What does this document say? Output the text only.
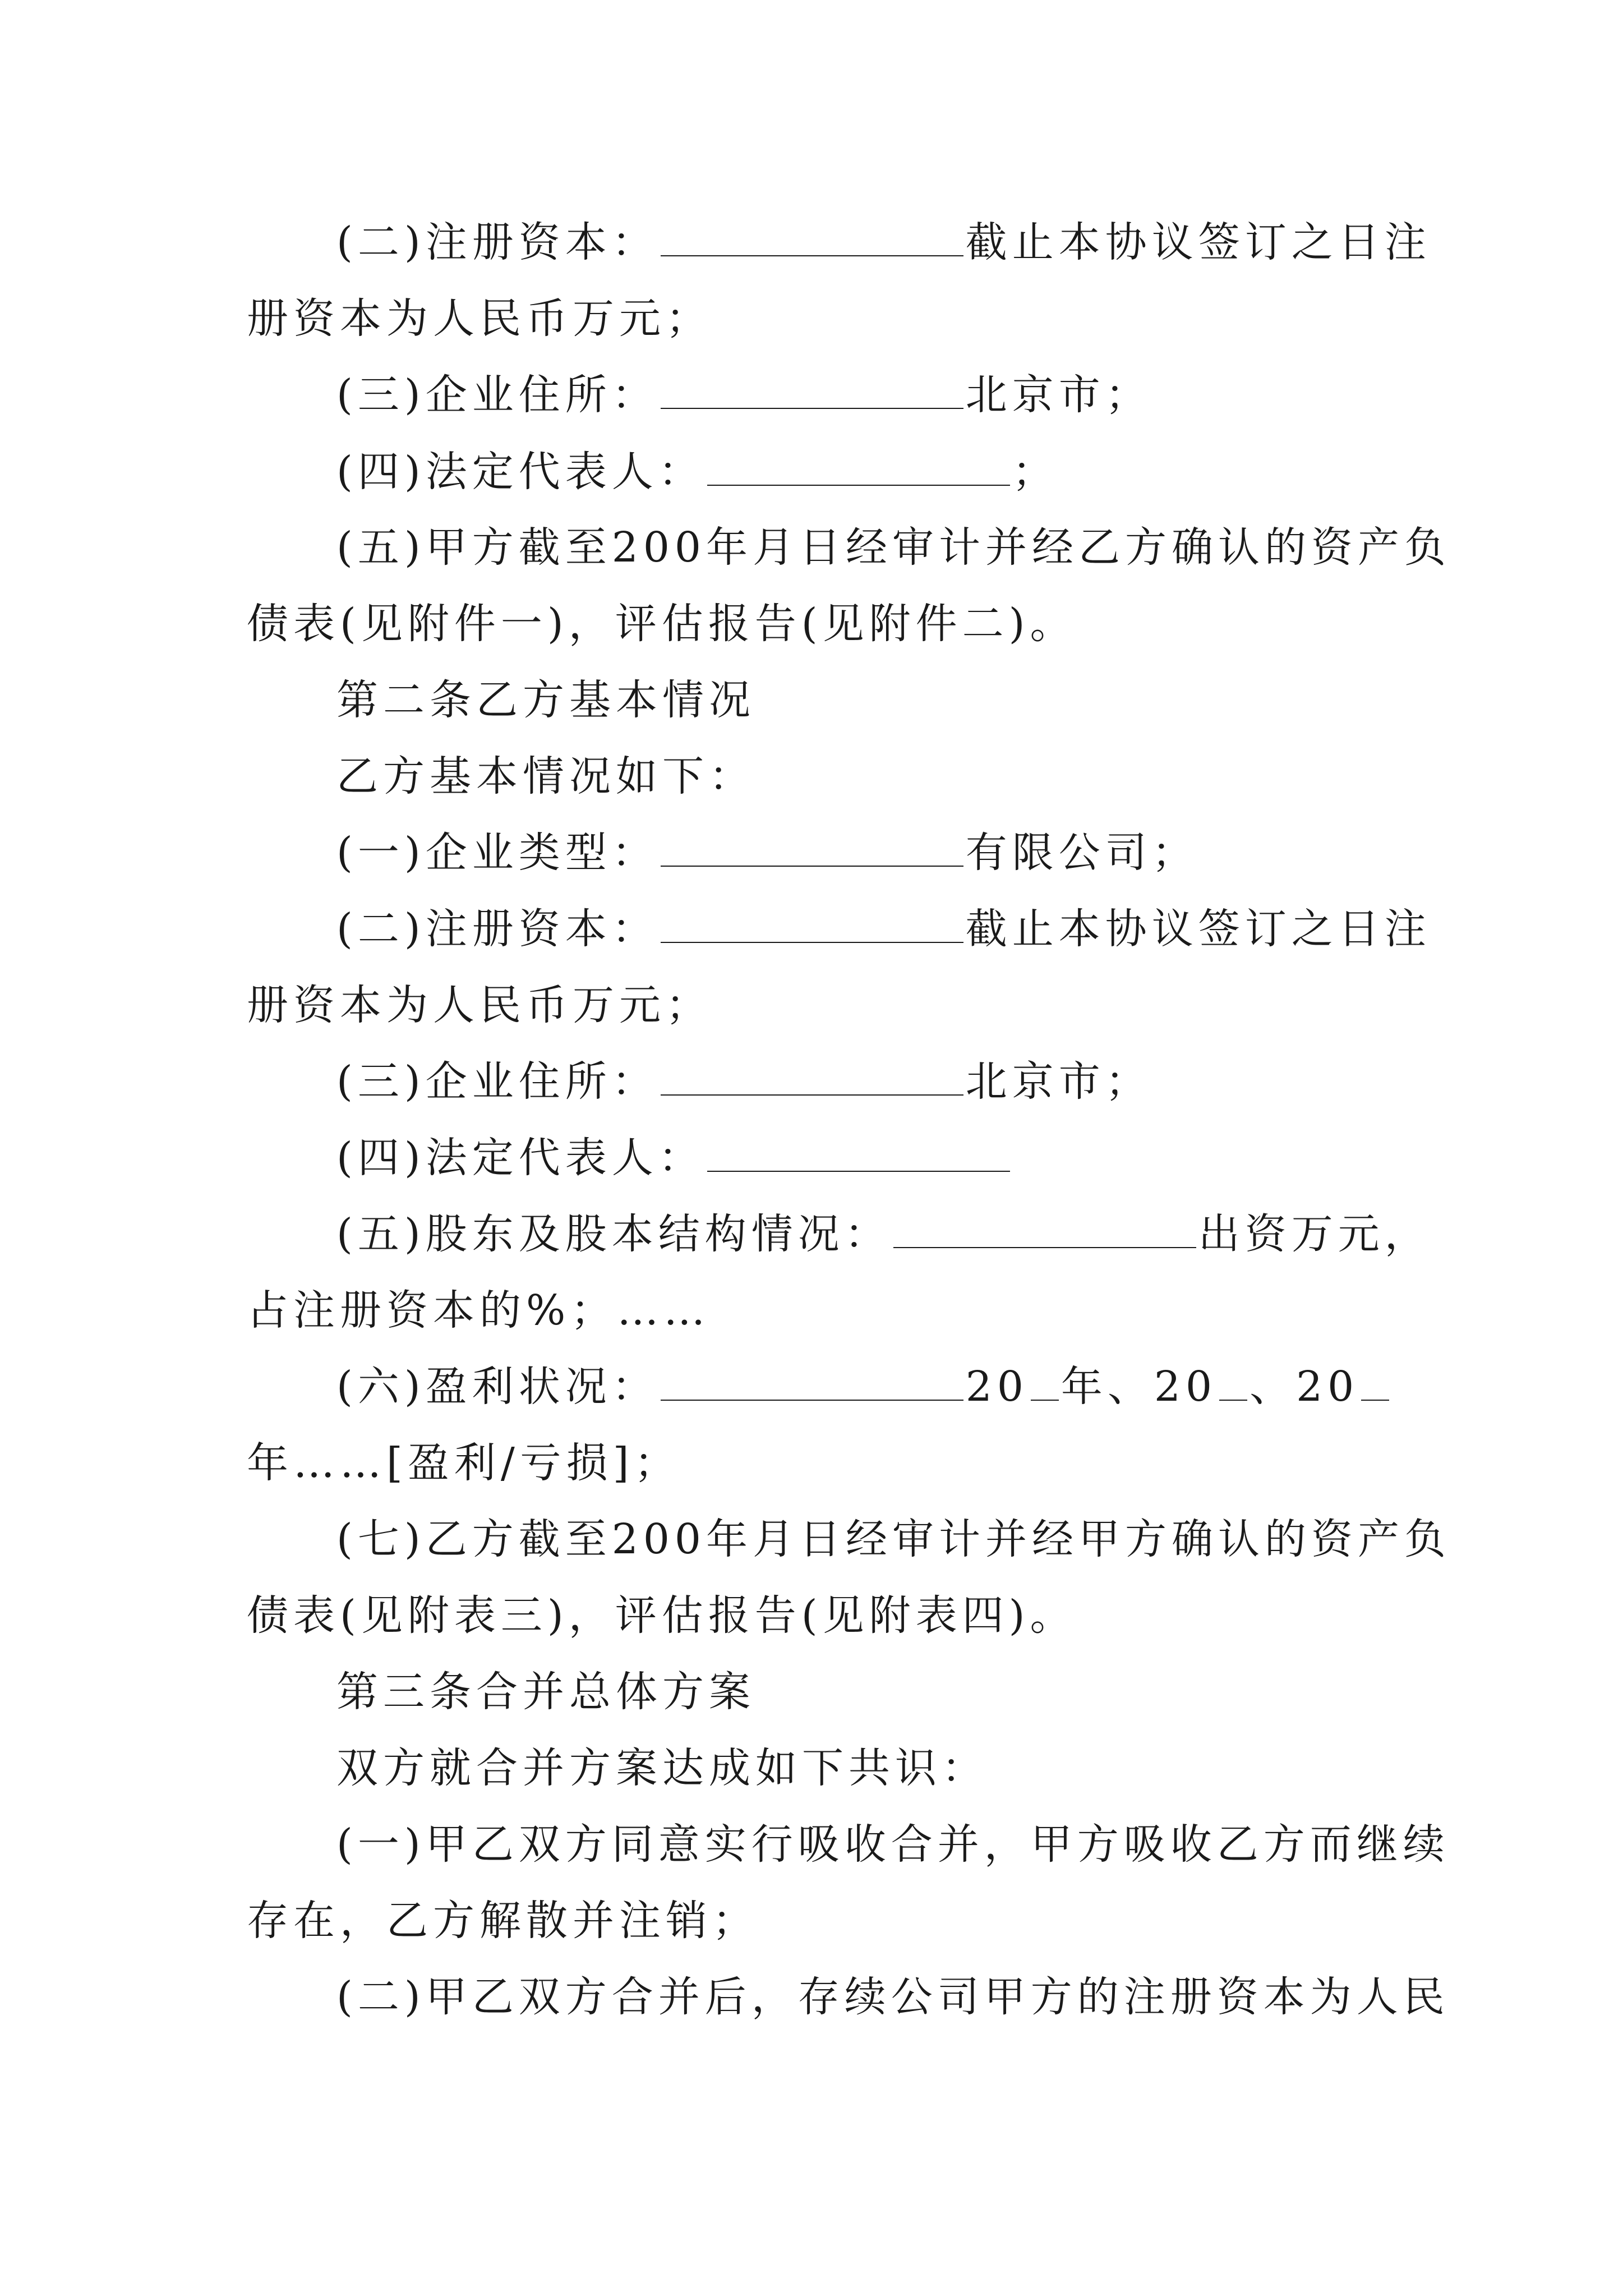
(二)注册资本：	截止本协议签订之日注
册资本为人民币万元；
(三)企业住所：	北京市；
(四)法定代表人：	；
(五)甲方截至200年月日经审计并经乙方确认的资产负
债表(见附件一)，评估报告(见附件二)。
第二条乙方基本情况
乙方基本情况如下：
(一)企业类型：	有限公司；
(二)注册资本：	截止本协议签订之日注
册资本为人民币万元；
(三)企业住所：	北京市；
(四)法定代表人：
(五)股东及股本结构情况：	出资万元，
占注册资本的%；……
(六)盈利状况：	20 年、20 、20
年……[盈利/亏损]；
(七)乙方截至200年月日经审计并经甲方确认的资产负
债表(见附表三)，评估报告(见附表四)。
第三条合并总体方案
双方就合并方案达成如下共识：
(一)甲乙双方同意实行吸收合并，甲方吸收乙方而继续
存在，乙方解散并注销；
(二)甲乙双方合并后，存续公司甲方的注册资本为人民
